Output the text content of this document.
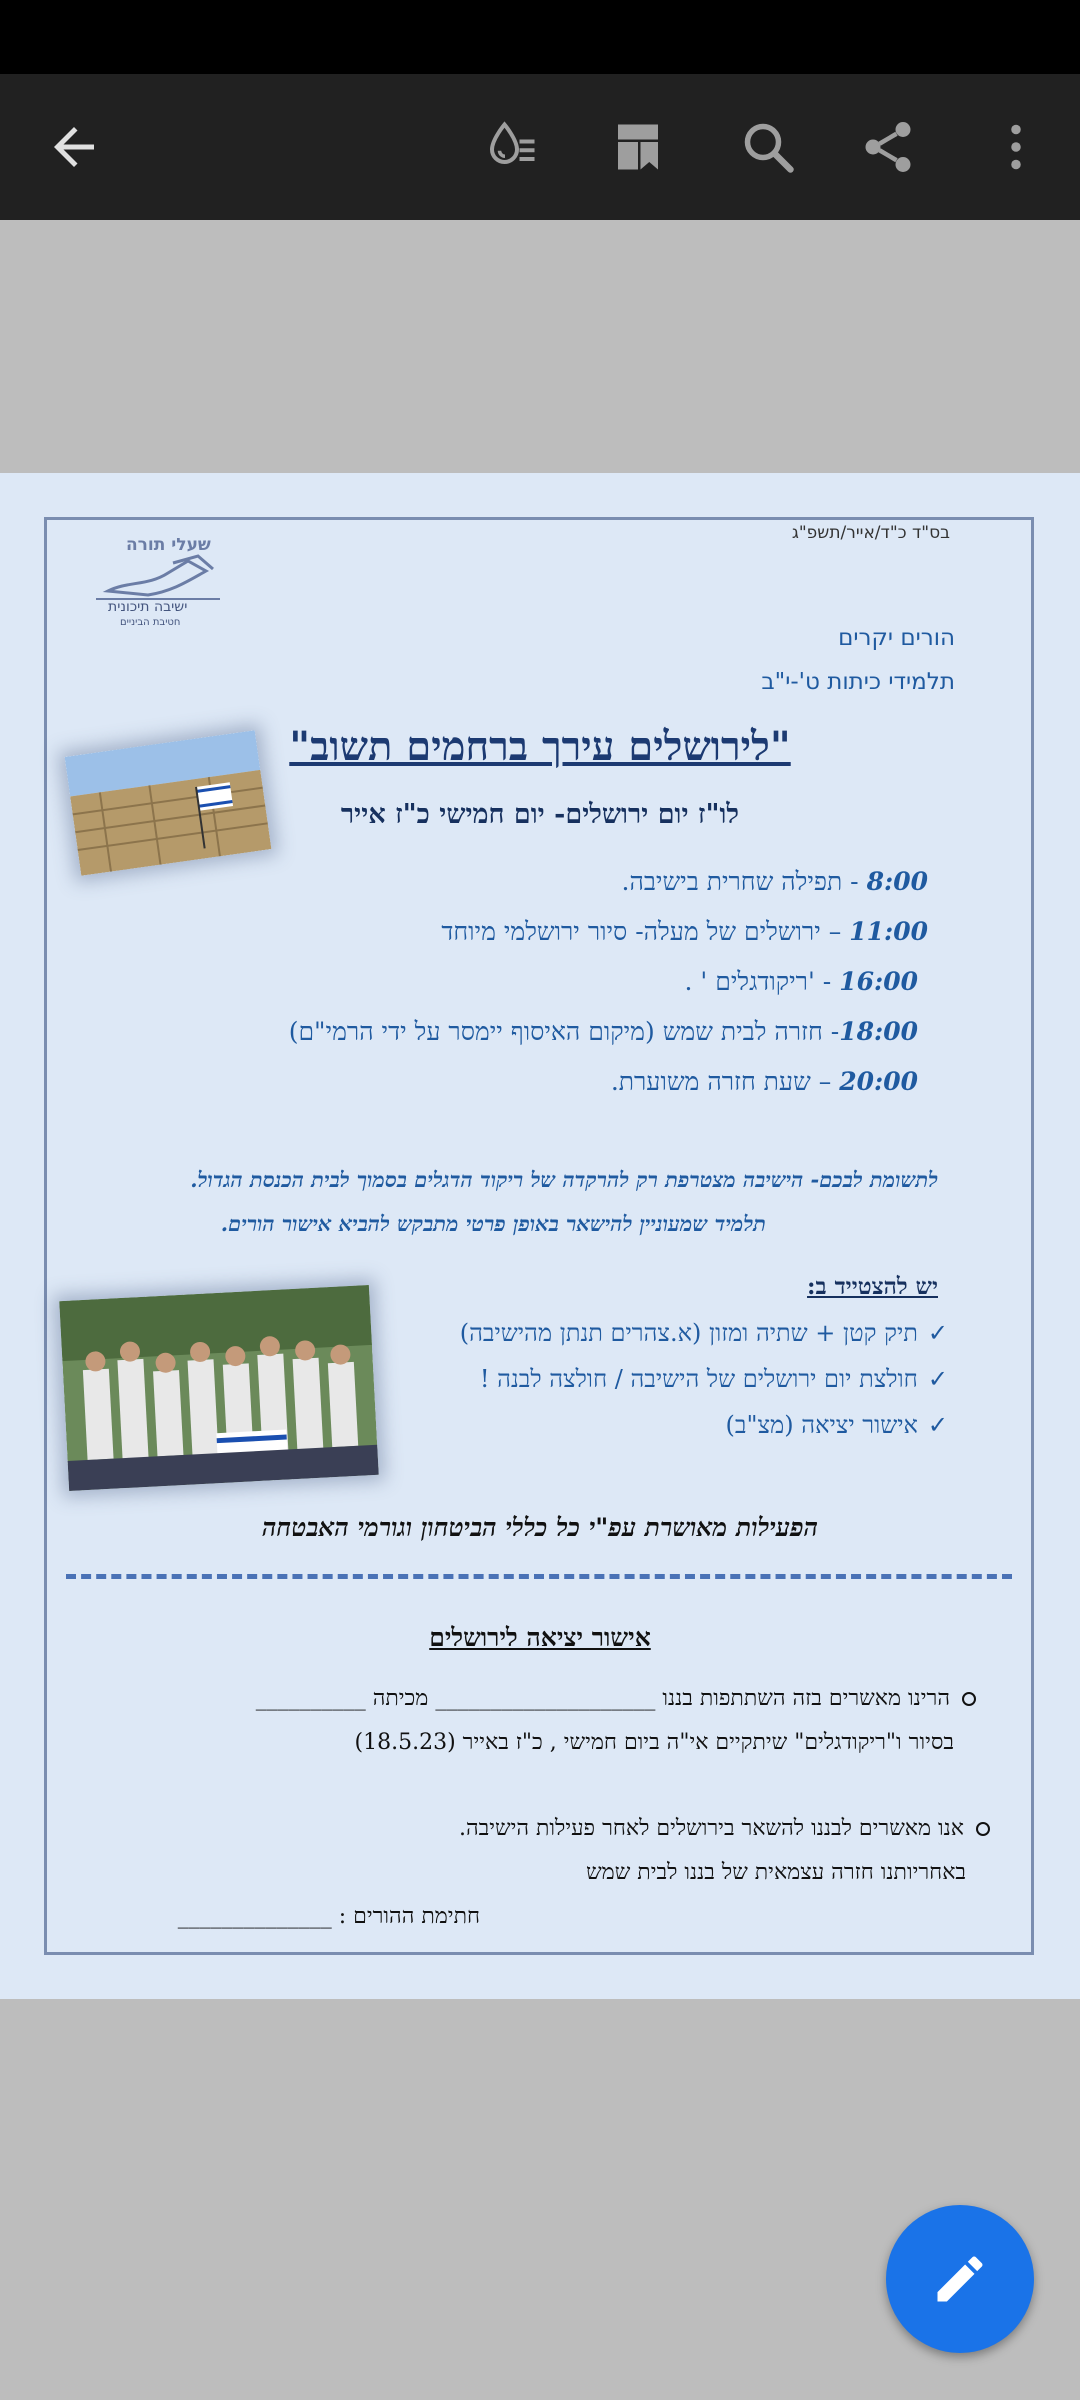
שעלי תורה
ישיבה תיכונית
חטיבת הביניים
בס"ד כ"ד/אייר/תשפ"ג
הורים יקרים
תלמידי כיתות ט'-י"ב
"לירושלים עירך ברחמים תשוב"
לו"ז יום ירושלים- יום חמישי כ"ז אייר
8:00 - תפילה שחרית בישיבה.
11:00 – ירושלים של מעלה- סיור ירושלמי מיוחד
16:00 - 'ריקודגלים ' .
18:00- חזרה לבית שמש (מיקום האיסוף יימסר על ידי הרמי"ם)
20:00 – שעת חזרה משוערת.
לתשומת לבכם- הישיבה מצטרפת רק להרקדה של ריקוד הדגלים בסמוך לבית הכנסת הגדול.
תלמיד שמעוניין להישאר באופן פרטי מתבקש להביא אישור הורים.
יש להצטייד ב:
✓תיק קטן + שתיה ומזון (א.צהרים תנתן מהישיבה)
✓חולצת יום ירושלים של הישיבה / חולצה לבנה !
✓אישור יציאה (מצ"ב)
הפעילות מאושרת עפ"י כל כללי הביטחון וגורמי האבטחה
אישור יציאה לירושלים
הרינו מאשרים בזה השתתפות בננו ____________________ מכיתה __________
בסיור ו"ריקודגלים" שיתקיים אי"ה ביום חמישי , כ"ז באייר (18.5.23)
אנו מאשרים לבננו להשאר בירושלים לאחר פעילות הישיבה.
באחריותנו חזרה עצמאית של בננו לבית שמש
חתימת ההורים : ______________
